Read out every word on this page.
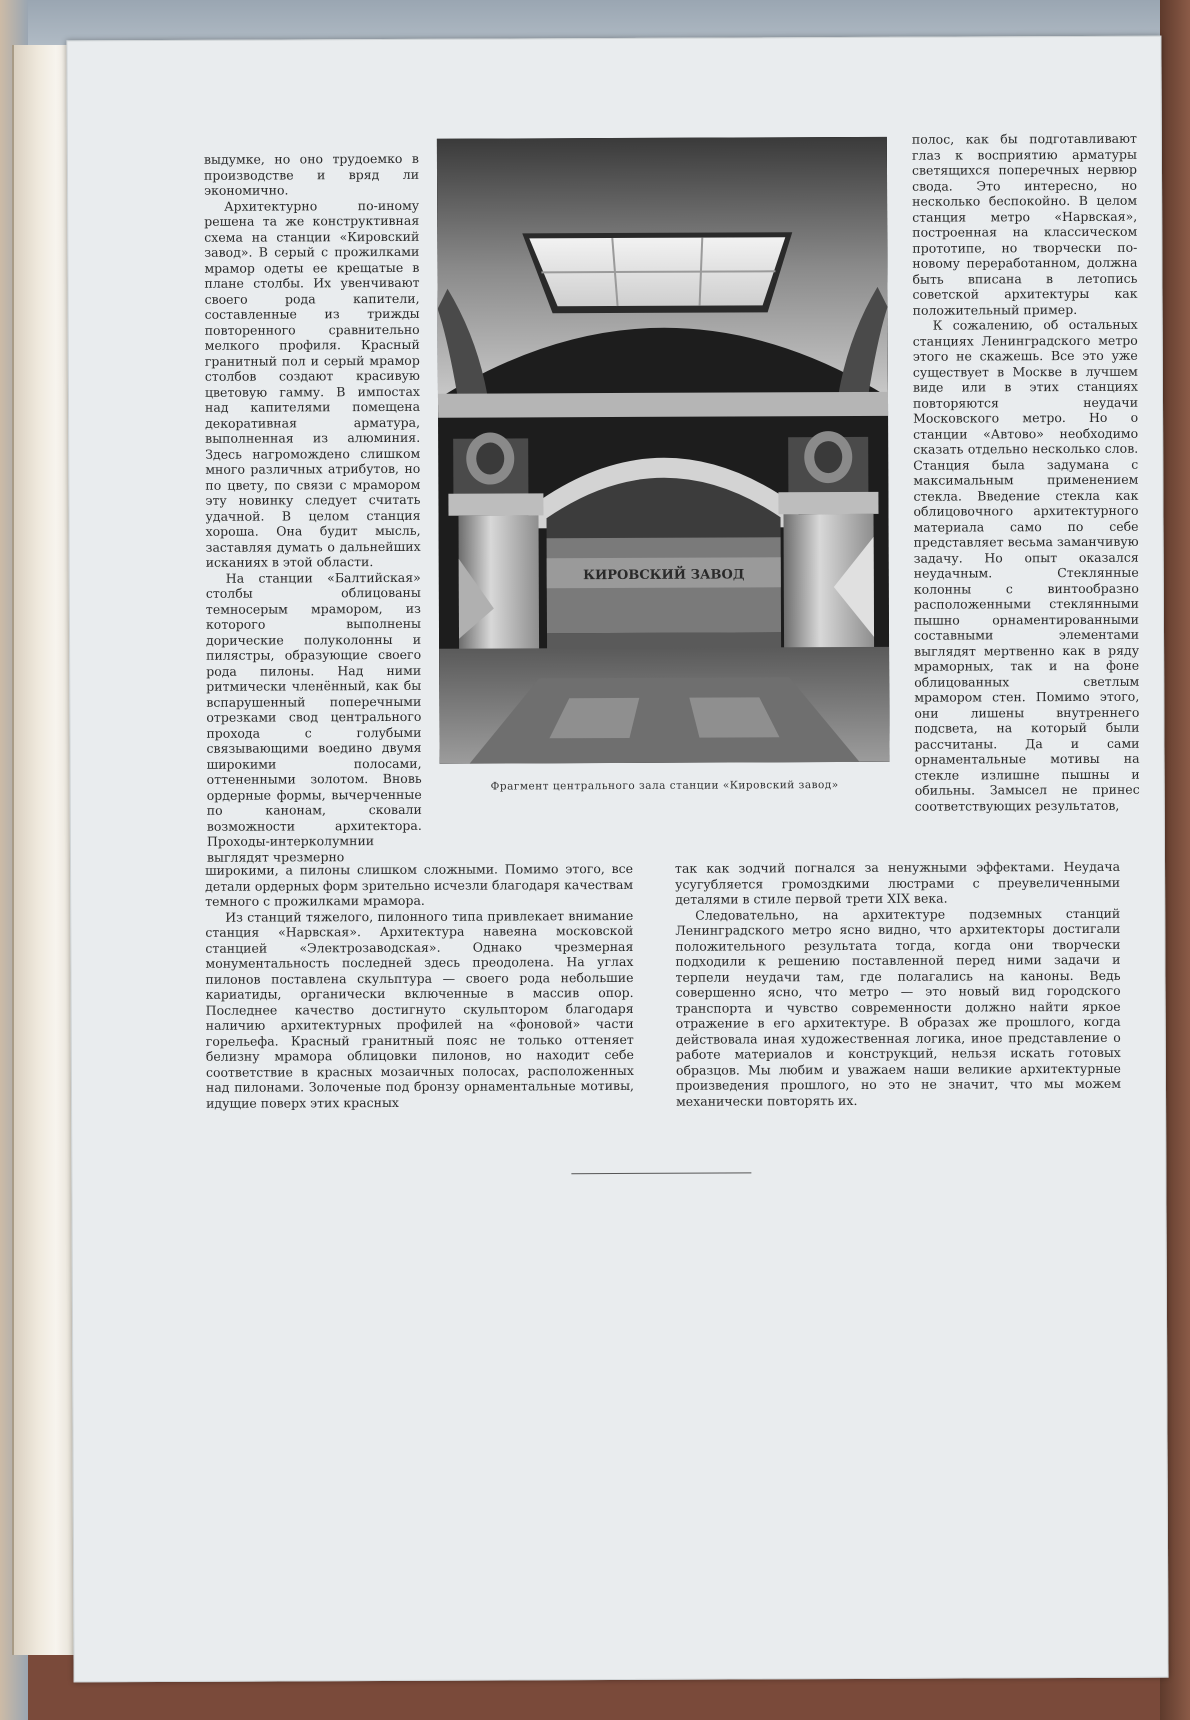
выдумке, но оно трудоемко в производстве и вряд ли экономично.

Архитектурно по-иному решена та же конструктивная схема на станции «Кировский завод». В серый с прожилками мрамор одеты ее крещатые в плане столбы. Их увенчивают своего рода капители, составленные из трижды повторенного сравнительно мелкого профиля. Красный гранитный пол и серый мрамор столбов создают красивую цветовую гамму. В импостах над капителями помещена декоративная арматура, выполненная из алюминия. Здесь нагромождено слишком много различных атрибутов, но по цвету, по связи с мрамором эту новинку следует считать удачной. В целом станция хороша. Она будит мысль, заставляя думать о дальнейших исканиях в этой области.

На станции «Балтийская» столбы облицованы темносерым мрамором, из которого выполнены дорические полуколонны и пилястры, образующие своего рода пилоны. Над ними ритмически членённый, как бы вспарушенный поперечными отрезками свод центрального прохода с голубыми связывающими воедино двумя широкими полосами, оттененными золотом. Вновь ордерные формы, вычерченные по канонам, сковали возможности архитектора. Проходы-интерколумнии выглядят чрезмерно

КИРОВСКИЙ ЗАВОД
Фрагмент центрального зала станции «Кировский завод»

полос, как бы подготавливают глаз к восприятию арматуры светящихся поперечных нервюр свода. Это интересно, но несколько беспокойно. В целом станция метро «Нарвская», построенная на классическом прототипе, но творчески по-новому переработанном, должна быть вписана в летопись советской архитектуры как положительный пример.

К сожалению, об остальных станциях Ленинградского метро этого не скажешь. Все это уже существует в Москве в лучшем виде или в этих станциях повторяются неудачи Московского метро. Но о станции «Автово» необходимо сказать отдельно несколько слов. Станция была задумана с максимальным применением стекла. Введение стекла как облицовочного архитектурного материала само по себе представляет весьма заманчивую задачу. Но опыт оказался неудачным. Стеклянные колонны с винтообразно расположенными стеклянными пышно орнаментированными составными элементами выглядят мертвенно как в ряду мраморных, так и на фоне облицованных светлым мрамором стен. Помимо этого, они лишены внутреннего подсвета, на который были рассчитаны. Да и сами орнаментальные мотивы на стекле излишне пышны и обильны. Замысел не принес соответствующих результатов,

широкими, а пилоны слишком сложными. Помимо этого, все детали ордерных форм зрительно исчезли благодаря качествам темного с прожилками мрамора.

Из станций тяжелого, пилонного типа привлекает внимание станция «Нарвская». Архитектура навеяна московской станцией «Электрозаводская». Однако чрезмерная монументальность последней здесь преодолена. На углах пилонов поставлена скульптура — своего рода небольшие кариатиды, органически включенные в массив опор. Последнее качество достигнуто скульптором благодаря наличию архитектурных профилей на «фоновой» части горельефа. Красный гранитный пояс не только оттеняет белизну мрамора облицовки пилонов, но находит себе соответствие в красных мозаичных полосах, расположенных над пилонами. Золоченые под бронзу орнаментальные мотивы, идущие поверх этих красных

так как зодчий погнался за ненужными эффектами. Неудача усугубляется громоздкими люстрами с преувеличенными деталями в стиле первой трети XIX века.

Следовательно, на архитектуре подземных станций Ленинградского метро ясно видно, что архитекторы достигали положительного результата тогда, когда они творчески подходили к решению поставленной перед ними задачи и терпели неудачи там, где полагались на каноны. Ведь совершенно ясно, что метро — это новый вид городского транспорта и чувство современности должно найти яркое отражение в его архитектуре. В образах же прошлого, когда действовала иная художественная логика, иное представление о работе материалов и конструкций, нельзя искать готовых образцов. Мы любим и уважаем наши великие архитектурные произведения прошлого, но это не значит, что мы можем механически повторять их.
